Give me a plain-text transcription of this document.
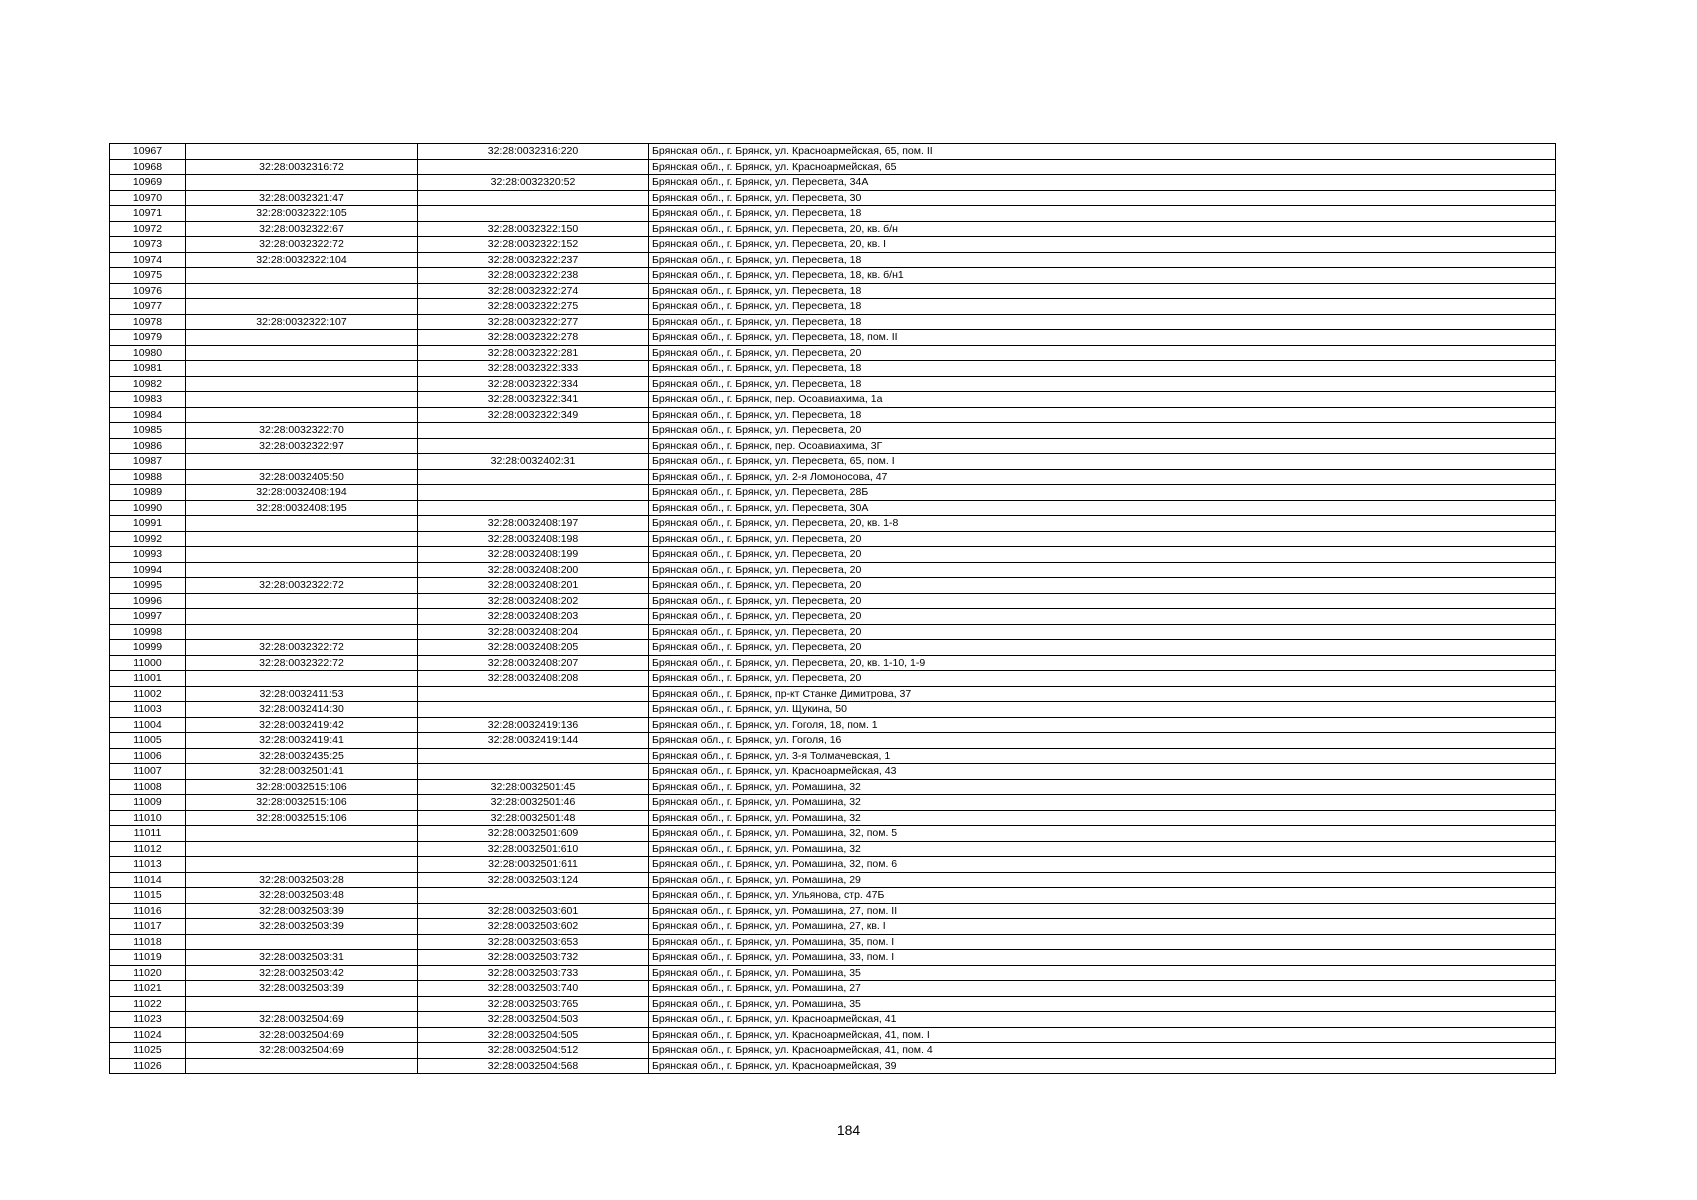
10967		32:28:0032316:220	Брянская обл., г. Брянск, ул. Красноармейская, 65, пом. II
10968	32:28:0032316:72		Брянская обл., г. Брянск, ул. Красноармейская, 65
10969		32:28:0032320:52	Брянская обл., г. Брянск, ул. Пересвета, 34А
10970	32:28:0032321:47		Брянская обл., г. Брянск, ул. Пересвета, 30
10971	32:28:0032322:105		Брянская обл., г. Брянск, ул. Пересвета, 18
10972	32:28:0032322:67	32:28:0032322:150	Брянская обл., г. Брянск, ул. Пересвета, 20, кв. б/н
10973	32:28:0032322:72	32:28:0032322:152	Брянская обл., г. Брянск, ул. Пересвета, 20, кв. I
10974	32:28:0032322:104	32:28:0032322:237	Брянская обл., г. Брянск, ул. Пересвета, 18
10975		32:28:0032322:238	Брянская обл., г. Брянск, ул. Пересвета, 18, кв. б/н1
10976		32:28:0032322:274	Брянская обл., г. Брянск, ул. Пересвета, 18
10977		32:28:0032322:275	Брянская обл., г. Брянск, ул. Пересвета, 18
10978	32:28:0032322:107	32:28:0032322:277	Брянская обл., г. Брянск, ул. Пересвета, 18
10979		32:28:0032322:278	Брянская обл., г. Брянск, ул. Пересвета, 18, пом. II
10980		32:28:0032322:281	Брянская обл., г. Брянск, ул. Пересвета, 20
10981		32:28:0032322:333	Брянская обл., г. Брянск, ул. Пересвета, 18
10982		32:28:0032322:334	Брянская обл., г. Брянск, ул. Пересвета, 18
10983		32:28:0032322:341	Брянская обл., г. Брянск, пер. Осоавиахима, 1а
10984		32:28:0032322:349	Брянская обл., г. Брянск, ул. Пересвета, 18
10985	32:28:0032322:70		Брянская обл., г. Брянск, ул. Пересвета, 20
10986	32:28:0032322:97		Брянская обл., г. Брянск, пер. Осоавиахима, 3Г
10987		32:28:0032402:31	Брянская обл., г. Брянск, ул. Пересвета, 65, пом. I
10988	32:28:0032405:50		Брянская обл., г. Брянск, ул. 2-я Ломоносова, 47
10989	32:28:0032408:194		Брянская обл., г. Брянск, ул. Пересвета, 28Б
10990	32:28:0032408:195		Брянская обл., г. Брянск, ул. Пересвета, 30А
10991		32:28:0032408:197	Брянская обл., г. Брянск, ул. Пересвета, 20, кв. 1-8
10992		32:28:0032408:198	Брянская обл., г. Брянск, ул. Пересвета, 20
10993		32:28:0032408:199	Брянская обл., г. Брянск, ул. Пересвета, 20
10994		32:28:0032408:200	Брянская обл., г. Брянск, ул. Пересвета, 20
10995	32:28:0032322:72	32:28:0032408:201	Брянская обл., г. Брянск, ул. Пересвета, 20
10996		32:28:0032408:202	Брянская обл., г. Брянск, ул. Пересвета, 20
10997		32:28:0032408:203	Брянская обл., г. Брянск, ул. Пересвета, 20
10998		32:28:0032408:204	Брянская обл., г. Брянск, ул. Пересвета, 20
10999	32:28:0032322:72	32:28:0032408:205	Брянская обл., г. Брянск, ул. Пересвета, 20
11000	32:28:0032322:72	32:28:0032408:207	Брянская обл., г. Брянск, ул. Пересвета, 20, кв. 1-10, 1-9
11001		32:28:0032408:208	Брянская обл., г. Брянск, ул. Пересвета, 20
11002	32:28:0032411:53		Брянская обл., г. Брянск, пр-кт Станке Димитрова, 37
11003	32:28:0032414:30		Брянская обл., г. Брянск, ул. Щукина, 50
11004	32:28:0032419:42	32:28:0032419:136	Брянская обл., г. Брянск, ул. Гоголя, 18, пом. 1
11005	32:28:0032419:41	32:28:0032419:144	Брянская обл., г. Брянск, ул. Гоголя, 16
11006	32:28:0032435:25		Брянская обл., г. Брянск, ул. 3-я Толмачевская, 1
11007	32:28:0032501:41		Брянская обл., г. Брянск, ул. Красноармейская, 43
11008	32:28:0032515:106	32:28:0032501:45	Брянская обл., г. Брянск, ул. Ромашина, 32
11009	32:28:0032515:106	32:28:0032501:46	Брянская обл., г. Брянск, ул. Ромашина, 32
11010	32:28:0032515:106	32:28:0032501:48	Брянская обл., г. Брянск, ул. Ромашина, 32
11011		32:28:0032501:609	Брянская обл., г. Брянск, ул. Ромашина, 32, пом. 5
11012		32:28:0032501:610	Брянская обл., г. Брянск, ул. Ромашина, 32
11013		32:28:0032501:611	Брянская обл., г. Брянск, ул. Ромашина, 32, пом. 6
11014	32:28:0032503:28	32:28:0032503:124	Брянская обл., г. Брянск, ул. Ромашина, 29
11015	32:28:0032503:48		Брянская обл., г. Брянск, ул. Ульянова, стр. 47Б
11016	32:28:0032503:39	32:28:0032503:601	Брянская обл., г. Брянск, ул. Ромашина, 27, пом. II
11017	32:28:0032503:39	32:28:0032503:602	Брянская обл., г. Брянск, ул. Ромашина, 27, кв. I
11018		32:28:0032503:653	Брянская обл., г. Брянск, ул. Ромашина, 35, пом. I
11019	32:28:0032503:31	32:28:0032503:732	Брянская обл., г. Брянск, ул. Ромашина, 33, пом. I
11020	32:28:0032503:42	32:28:0032503:733	Брянская обл., г. Брянск, ул. Ромашина, 35
11021	32:28:0032503:39	32:28:0032503:740	Брянская обл., г. Брянск, ул. Ромашина, 27
11022		32:28:0032503:765	Брянская обл., г. Брянск, ул. Ромашина, 35
11023	32:28:0032504:69	32:28:0032504:503	Брянская обл., г. Брянск, ул. Красноармейская, 41
11024	32:28:0032504:69	32:28:0032504:505	Брянская обл., г. Брянск, ул. Красноармейская, 41, пом. I
11025	32:28:0032504:69	32:28:0032504:512	Брянская обл., г. Брянск, ул. Красноармейская, 41, пом. 4
11026		32:28:0032504:568	Брянская обл., г. Брянск, ул. Красноармейская, 39
184
